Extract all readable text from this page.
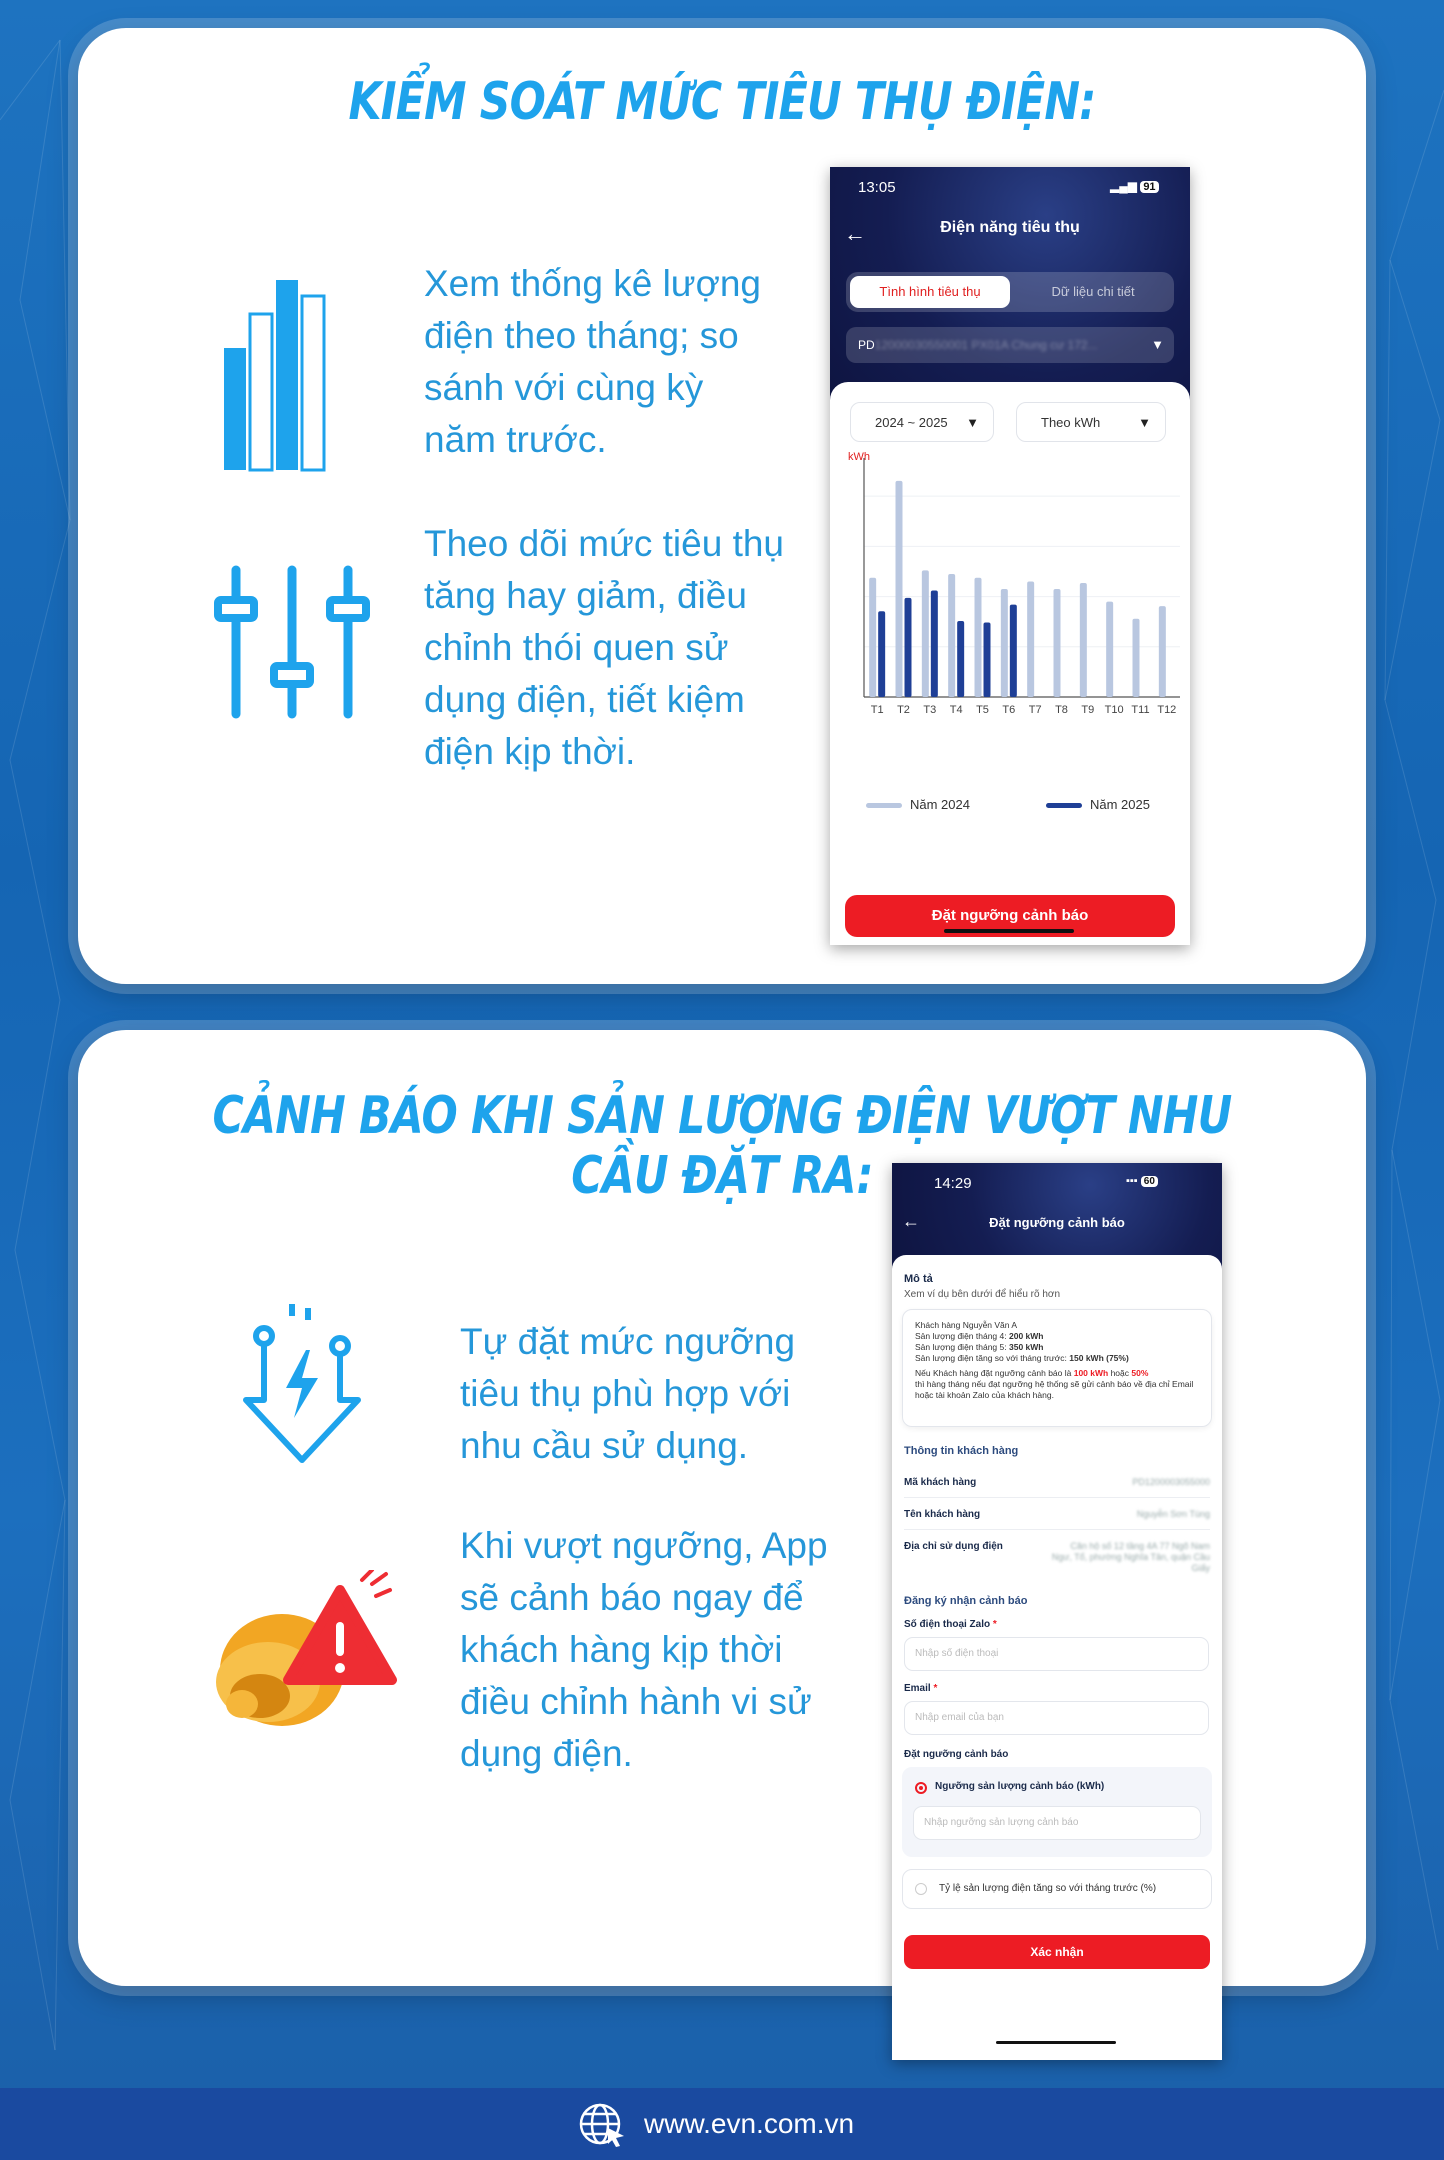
KIỂM SOÁT MỨC TIÊU THỤ ĐIỆN:
Xem thống kê lượng điện theo tháng; so sánh với cùng kỳ năm trước.
Theo dõi mức tiêu thụ tăng hay giảm, điều chỉnh thói quen sử dụng điện, tiết kiệm điện kịp thời.
13:05	▂▄▆ 91
←	Điện năng tiêu thụ
Tình hình tiêu thụ	Dữ liệu chi tiết
PD1200003055000​1 PX01A Chung cư 172...	▼
2024 ~ 2025 ▼	Theo kWh	▼
kWh
T1 T2 T3 T4 T5 T6 T7 T8 T9 T10 T11 T12
Năm 2024	Năm 2025
Đặt ngưỡng cảnh báo
CẢNH BÁO KHI SẢN LƯỢNG ĐIỆN VƯỢT NHU CẦU ĐẶT RA:
Tự đặt mức ngưỡng tiêu thụ phù hợp với nhu cầu sử dụng.
Khi vượt ngưỡng, App sẽ cảnh báo ngay để khách hàng kịp thời điều chỉnh hành vi sử dụng điện.
14:29	▪▪▪ 60
←	Đặt ngưỡng cảnh báo
Mô tả
Xem ví dụ bên dưới để hiểu rõ hơn
Khách hàng Nguyễn Văn A
Sản lượng điện tháng 4: 200 kWh
Sản lượng điện tháng 5: 350 kWh
Sản lượng điện tăng so với tháng trước: 150 kWh (75%)
Nếu Khách hàng đặt ngưỡng cảnh báo là 100 kWh hoặc 50%
thì hàng tháng nếu đạt ngưỡng hệ thống sẽ gửi cảnh báo về địa chỉ Email hoặc tài khoản Zalo của khách hàng.
Thông tin khách hàng
Mã khách hàng	PD1200003055000
Tên khách hàng	Nguyễn Sơn Tùng
Địa chỉ sử dụng điện	Căn hộ số 12 tầng 4A 77 Ngõ Nam Ngư, Tổ, phường Nghĩa Tân, quận Cầu Giấy
Đăng ký nhận cảnh báo
Số điện thoại Zalo *
Nhập số điện thoại
Email *
Nhập email của bạn
Đặt ngưỡng cảnh báo
Ngưỡng sản lượng cảnh báo (kWh)
Nhập ngưỡng sản lượng cảnh báo
Tỷ lệ sản lượng điện tăng so với tháng trước (%)
Xác nhận
www.evn.com.vn
